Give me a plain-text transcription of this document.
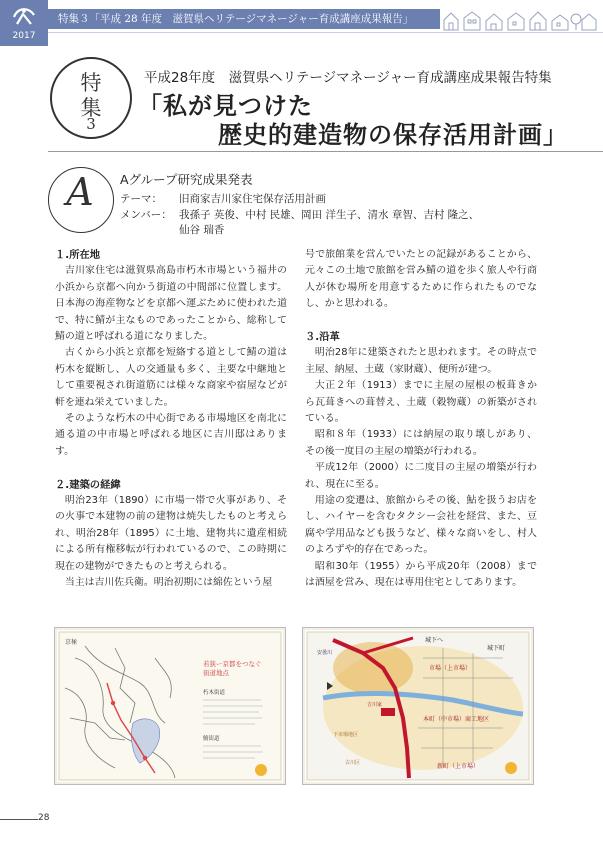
2017
特集３「平成 28 年度　滋賀県ヘリテージマネージャー育成講座成果報告」
特
集
3
平成28年度　滋賀県ヘリテージマネージャー育成講座成果報告特集
「私が見つけた
歴史的建造物の保存活用計画」
A	Aグループ研究成果発表
テーマ： 旧商家吉川家住宅保存活用計画
メンバー： 我孫子 英俊、中村 民雄、岡田 洋生子、清水 章智、吉村 隆之、
仙谷 瑞香
１.所在地

吉川家住宅は滋賀県高島市朽木市場という福井の小浜から京都へ向かう街道の中間部に位置します。日本海の海産物などを京都へ運ぶために使われた道で、特に鯖が主なものであったことから、総称して鯖の道と呼ばれる道になりました。

古くから小浜と京都を短絡する道として鯖の道は朽木を縦断し、人の交通量も多く、主要な中継地として重要視され街道筋には様々な商家や宿屋などが軒を連ね栄えていました。

そのような朽木の中心街である市場地区を南北に通る道の中市場と呼ばれる地区に吉川邸はあります。

２.建築の経緯

明治23年（1890）に市場一帯で火事があり、その火事で本建物の前の建物は焼失したものと考えられ、明治28年（1895）に土地、建物共に遺産相続による所有権移転が行われているので、この時期に現在の建物ができたものと考えられる。

当主は吉川佐兵衛。明治初期には綿佐という屋

号で旅館業を営んでいたとの記録があることから、元々この土地で旅館を営み鯖の道を歩く旅人や行商人が休む場所を用意するために作られたものでなし、かと思われる。

３.沿革

明治28年に建築されたと思われます。その時点で主屋、納屋、土蔵（家財蔵）、便所が建つ。

大正２年（1913）までに主屋の屋根の板葺きから瓦葺きへの葺替え、土蔵（穀物蔵）の新築がされている。

昭和８年（1933）には納屋の取り壊しがあり、その後一度目の主屋の増築が行われる。

平成12年（2000）に二度目の主屋の増築が行われ、現在に至る。

用途の変遷は、旅館からその後、鮎を扱うお店をし、ハイヤーを含むタクシー会社を経営、また、豆腐や学用品なども扱うなど、様々な商いをし、村人のよろずや的存在であった。

昭和30年（1955）から平成20年（2008）までは酒屋を営み、現在は専用住宅としてあります。

京極
若狭ー京都をつなぐ
街道地点
朽木街道
鯖街道
城下へ
城下町
市場（上市場）
安曇川
吉川家
本町（中市場）商工地区
下市場地区
古川区	新町（上市場）
28
